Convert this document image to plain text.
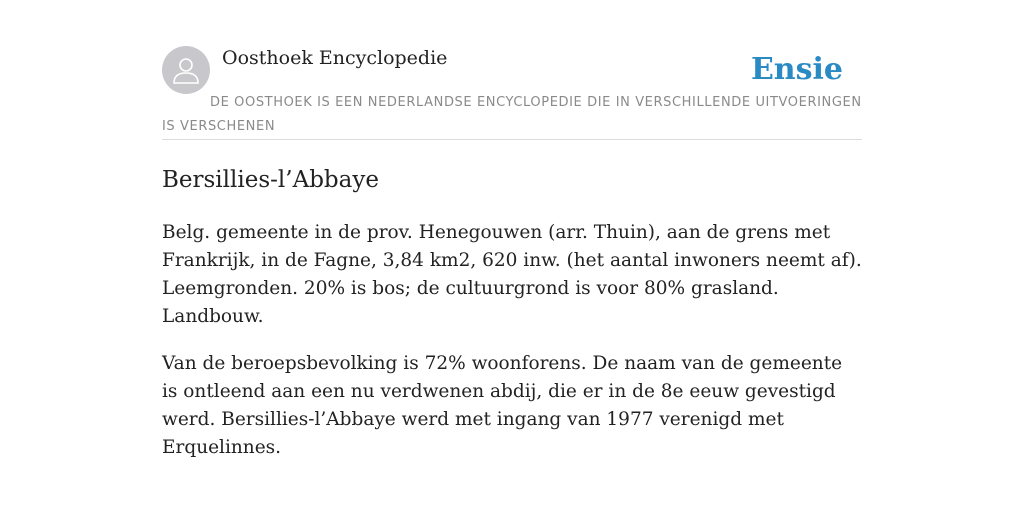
Oosthoek Encyclopedie	Ensie
DE OOSTHOEK IS EEN NEDERLANDSE ENCYCLOPEDIE DIE IN VERSCHILLENDE UITVOERINGEN IS VERSCHENEN
Bersillies-l’Abbaye

Belg. gemeente in de prov. Henegouwen (arr. Thuin), aan de grens met Frankrijk, in de Fagne, 3,84 km2, 620 inw. (het aantal inwoners neemt af). Leemgronden. 20% is bos; de cultuurgrond is voor 80% grasland. Landbouw.

Van de beroepsbevolking is 72% woonforens. De naam van de gemeente is ontleend aan een nu verdwenen abdij, die er in de 8e eeuw gevestigd werd. Bersillies-l’Abbaye werd met ingang van 1977 verenigd met Erquelinnes.
